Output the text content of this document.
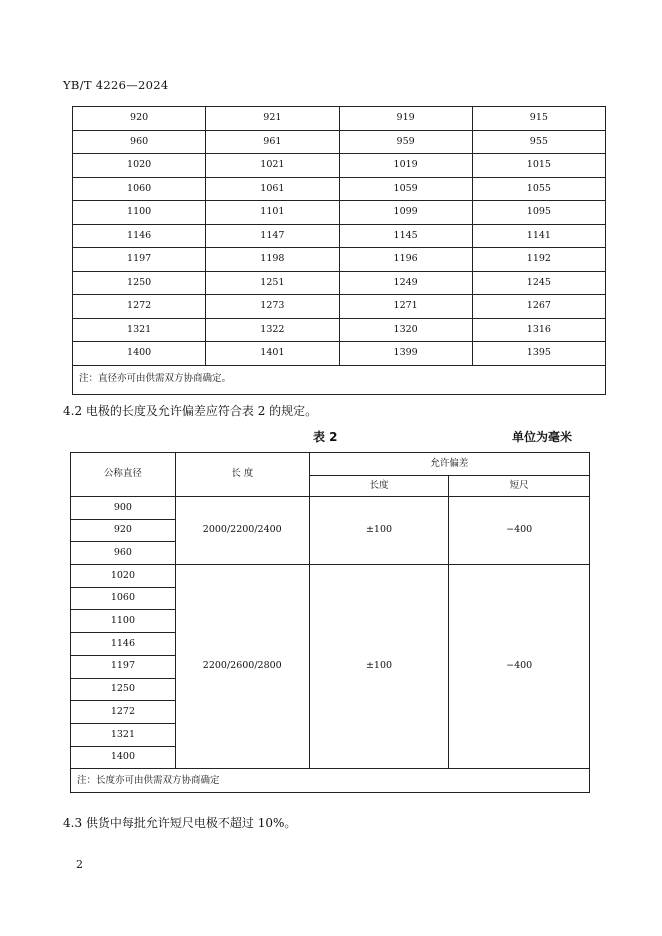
YB/T 4226—2024
920	921	919	915
960	961	959	955
1020	1021	1019	1015
1060	1061	1059	1055
1100	1101	1099	1095
1146	1147	1145	1141
1197	1198	1196	1192
1250	1251	1249	1245
1272	1273	1271	1267
1321	1322	1320	1316
1400	1401	1399	1395
注：直径亦可由供需双方协商确定。			
4.2 电极的长度及允许偏差应符合表 2 的规定。
表 2	单位为毫米
公称直径	长 度	允许偏差	
		长度	短尺
900	2000/2200/2400	±100	−400
920			
960			
1020	2200/2600/2800	±100	−400
1060			
1100			
1146			
1197			
1250			
1272			
1321			
1400			
注：长度亦可由供需双方协商确定			
4.3 供货中每批允许短尺电极不超过 10%。
2
